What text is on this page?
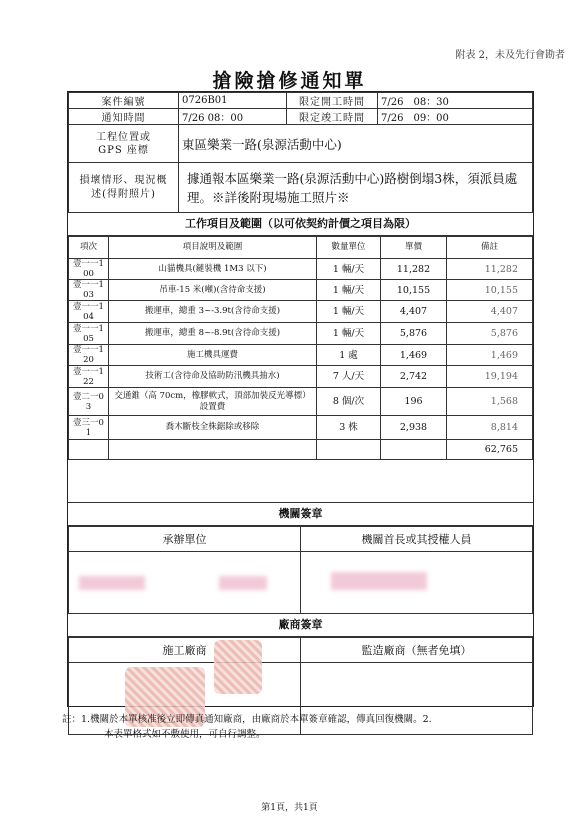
附表 2，未及先行會勘者
搶險搶修通知單
案件編號	0726B01	限定開工時間	7/26　08：30
通知時間	7/26 08：00	限定竣工時間	7/26　09：00

工程位置或
GPS 座標	東區樂業一路(泉源活動中心)		

損壞情形、現況概
述(得附照片)	據通報本區樂業一路(泉源活動中心)路樹倒塌3株，須派員處理。※詳後附現場施工照片※		
工作項目及範圍（以可依契約計價之項目為限）
項次	項目說明及範圍	數量單位	單價	備註
壹一一100	山貓機具(鏈裝機 1M3 以下)	1 輛/天	11,282	11,282
壹一一103	吊車-15 米(噸)(含待命支援)	1 輛/天	10,155	10,155
壹一一104	搬運車，總重 3~-3.9t(含待命支援)	1 輛/天	4,407	4,407
壹一一105	搬運車，總重 8~-8.9t(含待命支援)	1 輛/天	5,876	5,876
壹一一120	施工機具運費	1 處	1,469	1,469
壹一一122	技術工(含待命及協助防汛機具抽水)	7 人/天	2,742	19,194
壹二一03	交通錐（高 70cm，橡膠軟式，頂部加裝反光導標）設置費	8 個/次	196	1,568
壹三一01	喬木斷枝全株鋸除或移除	3 株	2,938	8,814
				62,765
機關簽章
承辦單位	機關首長或其授權人員

廠商簽章
施工廠商	監造廠商（無者免填）

註：1.機關於本單核准後立即傳真通知廠商，由廠商於本單簽章確認，傳真回復機關。2.
本表單格式如不敷使用，可自行調整。
第1頁，共1頁
